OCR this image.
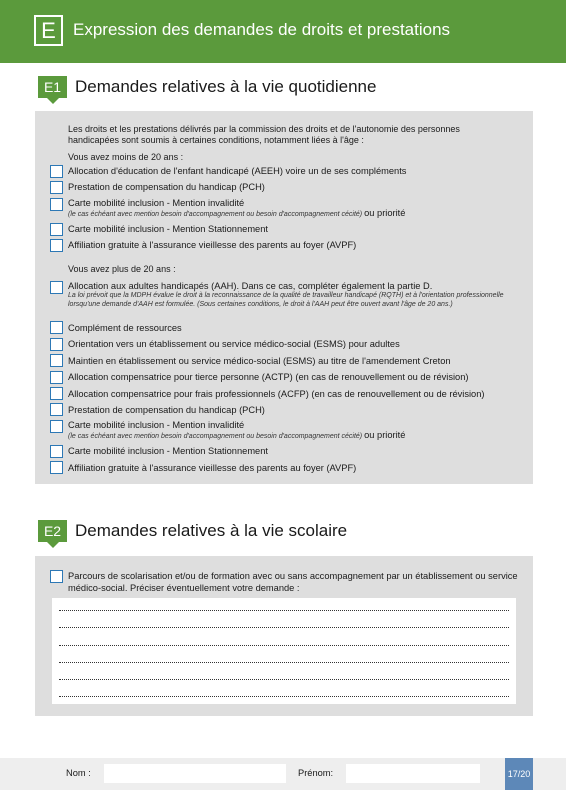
E	Expression des demandes de droits et prestations
E1 Demandes relatives à la vie quotidienne
Les droits et les prestations délivrés par la commission des droits et de l'autonomie des personnes handicapées sont soumis à certaines conditions, notamment liées à l'âge :
Vous avez moins de 20 ans :
Allocation d'éducation de l'enfant handicapé (AEEH) voire un de ses compléments
Prestation de compensation du handicap (PCH)
Carte mobilité inclusion - Mention invalidité
(le cas échéant avec mention besoin d'accompagnement ou besoin d'accompagnement cécité) ou priorité
Carte mobilité inclusion - Mention Stationnement
Affiliation gratuite à l'assurance vieillesse des parents au foyer (AVPF)
Vous avez plus de 20 ans :
Allocation aux adultes handicapés (AAH). Dans ce cas, compléter également la partie D.
La loi prévoit que la MDPH évalue le droit à la reconnaissance de la qualité de travailleur handicapé (RQTH) et à l'orientation professionnelle lorsqu'une demande d'AAH est formulée. (Sous certaines conditions, le droit à l'AAH peut être ouvert avant l'âge de 20 ans.)
Complément de ressources
Orientation vers un établissement ou service médico-social (ESMS) pour adultes
Maintien en établissement ou service médico-social (ESMS) au titre de l'amendement Creton
Allocation compensatrice pour tierce personne (ACTP) (en cas de renouvellement ou de révision)
Allocation compensatrice pour frais professionnels (ACFP) (en cas de renouvellement ou de révision)
Prestation de compensation du handicap (PCH)
Carte mobilité inclusion - Mention invalidité
(le cas échéant avec mention besoin d'accompagnement ou besoin d'accompagnement cécité) ou priorité
Carte mobilité inclusion - Mention Stationnement
Affiliation gratuite à l'assurance vieillesse des parents au foyer (AVPF)
E2 Demandes relatives à la vie scolaire
Parcours de scolarisation et/ou de formation avec ou sans accompagnement par un établissement ou service médico-social. Préciser éventuellement votre demande :
Nom :	Prénom:	17/20
